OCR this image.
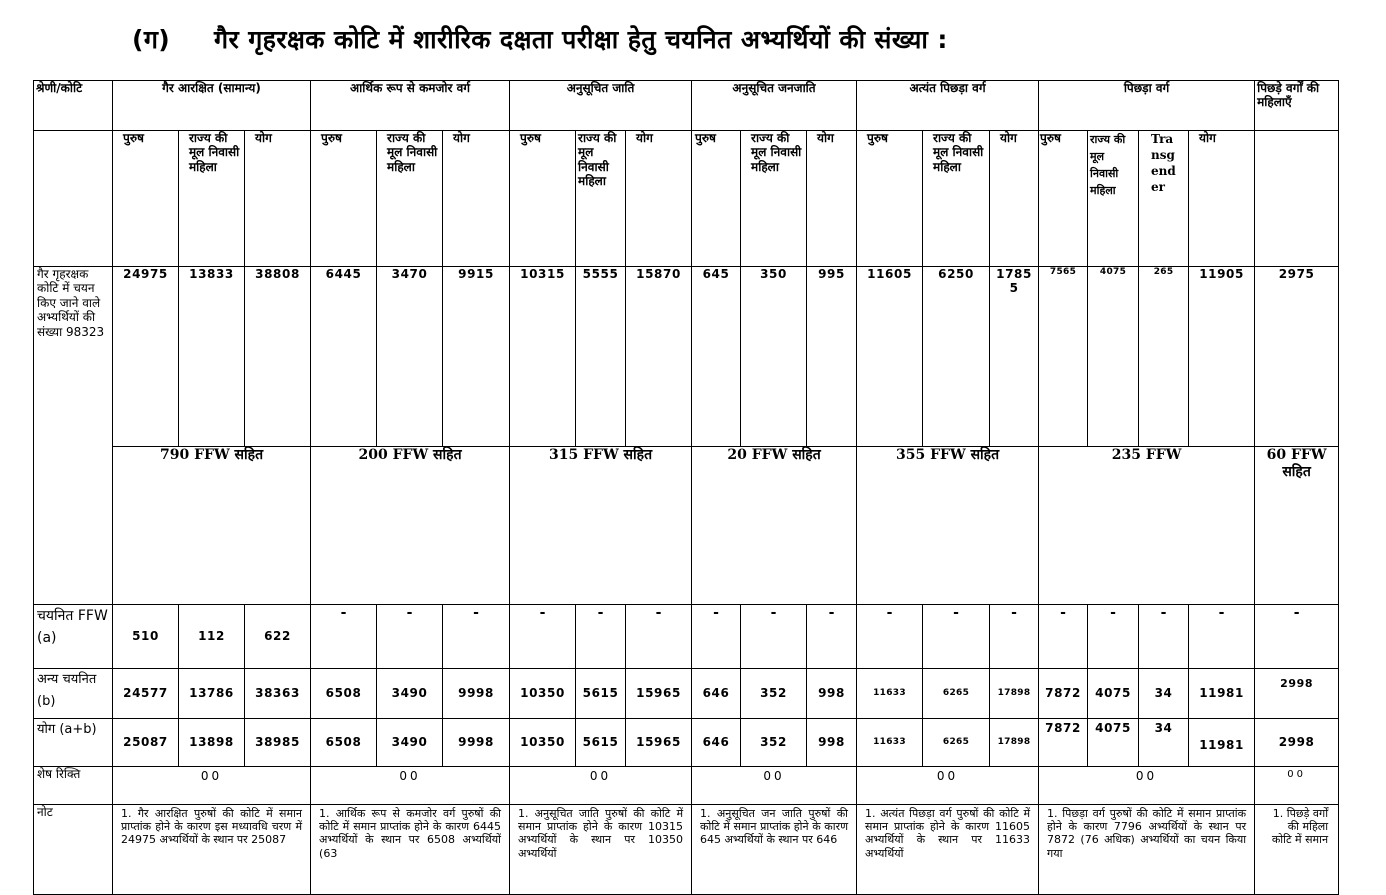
(ग) गैर गृहरक्षक कोटि में शारीरिक दक्षता परीक्षा हेतु चयनित अभ्यर्थियों की संख्या :
श्रेणी/कोटि	गैर आरक्षित (सामान्य)			आर्थिक रूप से कमजोर वर्ग			अनुसूचित जाति			अनुसूचित जनजाति			अत्यंत पिछड़ा वर्ग			पिछड़ा वर्ग				पिछड़े वर्गों की महिलाएँ
	पुरुष	राज्य की मूल निवासी महिला	योग	पुरुष	राज्य की मूल निवासी महिला	योग	पुरुष	राज्य की मूल निवासी महिला	योग	पुरुष	राज्य की मूल निवासी महिला	योग	पुरुष	राज्य की मूल निवासी महिला	योग	पुरुष	राज्य की मूल निवासी महिला	Tra nsg end er	योग	
गैर गृहरक्षक कोटि में चयन किए जाने वाले अभ्यर्थियों की संख्या 98323	24975	13833	38808	6445	3470	9915	10315	5555	15870	645	350	995	11605	6250	17855	7565	4075	265	11905	2975
	790 FFW सहित			200 FFW सहित			315 FFW सहित			20 FFW सहित			355 FFW सहित			235 FFW				60 FFW सहित
चयनित FFW (a)	510	112	622	-	-	-	-	-	-	-	-	-	-	-	-	-	-	-	-	-
अन्य चयनित (b)	24577	13786	38363	6508	3490	9998	10350	5615	15965	646	352	998	11633	6265	17898	7872	4075	34	11981	2998
योग (a+b)	25087	13898	38985	6508	3490	9998	10350	5615	15965	646	352	998	11633	6265	17898	7872	4075	34	11981	2998
शेष रिक्ति	00			00			00			00			00			00				00
नोट	1. गैर आरक्षित पुरुषों की कोटि में समान प्राप्तांक होने के कारण इस मध्यावधि चरण में 24975 अभ्यर्थियों के स्थान पर 25087			1. आर्थिक रूप से कमजोर वर्ग पुरुषों की कोटि में समान प्राप्तांक होने के कारण 6445 अभ्यर्थियों के स्थान पर 6508 अभ्यर्थियों (63			1. अनुसूचित जाति पुरुषों की कोटि में समान प्राप्तांक होने के कारण 10315 अभ्यर्थियों के स्थान पर 10350 अभ्यर्थियों			1. अनुसूचित जन जाति पुरुषों की कोटि में समान प्राप्तांक होने के कारण 645 अभ्यर्थियों के स्थान पर 646			1. अत्यंत पिछड़ा वर्ग पुरुषों की कोटि में समान प्राप्तांक होने के कारण 11605 अभ्यर्थियों के स्थान पर 11633 अभ्यर्थियों			1. पिछड़ा वर्ग पुरुषों की कोटि में समान प्राप्तांक होने के कारण 7796 अभ्यर्थियों के स्थान पर 7872 (76 अधिक) अभ्यर्थियों का चयन किया गया				1. पिछड़े वर्गों की महिला कोटि में समान
